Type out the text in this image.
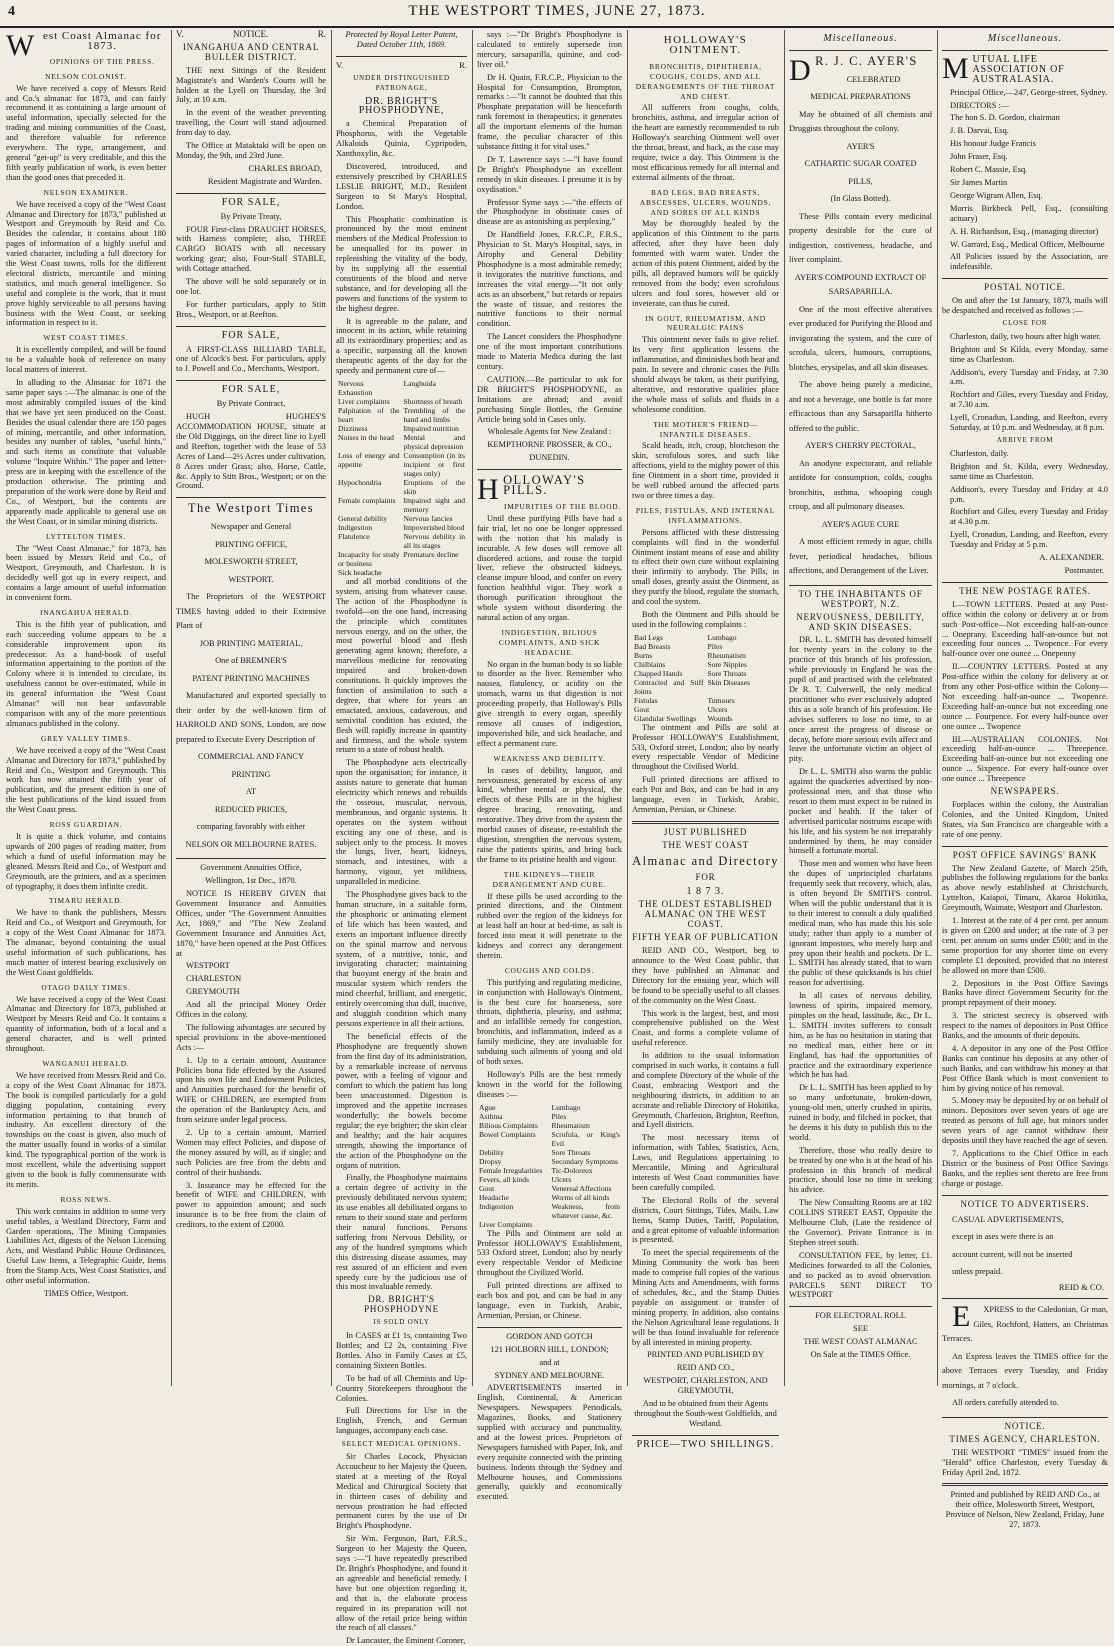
4	THE WESTPORT TIMES, JUNE 27, 1873.
West Coast Almanac for 1873.
OPINIONS OF THE PRESS.
NELSON COLONIST.

We have received a copy of Messrs Reid and Co.'s almanac for 1873, and can fairly recommend it as containing a large amount of useful information, specially selected for the trading and mining communities of the Coast, and therefore valuable for reference everywhere. The type, arrangement, and general "get-up" is very creditable, and this the fifth yearly publication of work, is even better than the good ones that preceded it.

NELSON EXAMINER.

We have received a copy of the "West Coast Almanac and Directory for 1873," published at Westport and Greymouth by Reid and Co. Besides the calendar, it contains about 180 pages of information of a highly useful and varied character, including a full directory for the West Coast towns, rolls for the different electoral districts, mercantile and mining statistics, and much general intelligence. So useful and complete is the work, that it must prove highly serviceable to all persons having business with the West Coast, or seeking information in respect to it.

WEST COAST TIMES.

It is excellently compiled, and will be found to be a valuable book of reference on many local matters of interest.

In alluding to the Almanac for 1871 the same paper says :—The almanac is one of the most admirably compiled issues of the kind that we have yet seen produced on the Coast. Besides the usual calendar there are 150 pages of mining, mercantile, and other information, besides any number of tables, "useful hints," and such items as constitute that valuable volume "Inquire Within." The paper and letter-press are in keeping with the excellence of the production otherwise. The printing and preparation of the work were done by Reid and Co., of Westport, but the contents are apparently made applicable to general use on the West Coast, or in similar mining districts.

LYTTELTON TIMES.

The "West Coast Almanac," for 1873, has been issued by Messrs Reid and Co., of Westport, Greymouth, and Charleston. It is decidedly well got up in every respect, and contains a large amount of useful information in convenient form.

INANGAHUA HERALD.

This is the fifth year of publication, and each succeeding volume appears to be a considerable improvement upon its predecessor. As a hand-book of useful information appertaining to the portion of the Colony where it is intended to circulate, its usefulness cannot be over-estimated, while in its general information the "West Coast Almanac" will not bear unfavorable comparison with any of the more pretentious almanacs published in the colony.

GREY VALLEY TIMES.

We have received a copy of the "West Coast Almanac and Directory for 1873," published by Reid and Co., Westport and Greymouth. This work has now attained the fifth year of publication, and the present edition is one of the best publications of the kind issued from the West Coast press.

ROSS GUARDIAN.

It is quite a thick volume, and contains upwards of 200 pages of reading matter, from which a fund of useful information may be gleaned. Messrs Reid and Co., of Westport and Greymouth, are the printers, and as a specimen of typography, it does them infinite credit.

TIMARU HERALD.

We have to thank the publishers, Messrs Reid and Co., of Westport and Greymouth, for a copy of the West Coast Almanac for 1873. The almanac, beyond containing the usual useful information of such publications, has much matter of interest bearing exclusively on the West Coast goldfields.

OTAGO DAILY TIMES.

We have received a copy of the West Coast Almanac and Directory for 1873, published at Westport by Messrs Reid and Co. It contains a quantity of information, both of a local and a general character, and is well printed throughout.

WANGANUI HERALD.

We have received from Messrs Reid and Co. a copy of the West Coast Almanac for 1873. The book is compiled particularly for a gold digging population, containing every information pertaining to that branch of industry. An excellent directory of the townships on the coast is given, also much of the matter usually found in works of a similar kind. The typographical portion of the work is most excellent, while the advertising support given to the book is fully commensurate with its merits.

ROSS NEWS.

This work contains in addition to some very useful tables, a Westland Directory, Farm and Garden operations, The Mining Companies Liabilities Act, digests of the Nelson Licensing Acts, and Westland Public House Ordinances, Useful Law Items, a Telegraphic Guide, Items from the Stamp Acts, West Coast Statistics, and other useful information.

TIMES Office, Westport.

V.	NOTICE.	R.
INANGAHUA AND CENTRAL BULLER DISTRICT.

THE next Sittings of the Resident Magistrate's and Warden's Courts will be holden at the Lyell on Thursday, the 3rd July, at 10 a.m.

In the event of the weather preventing travelling, the Court will stand adjourned from day to day.

The Office at Mataktaki will be open on Monday, the 9th, and 23rd June.

CHARLES BROAD,
Resident Magistrate and Warden.
FOR SALE,

By Private Treaty,

FOUR First-class DRAUGHT HORSES, with Harness complete; also, THREE CARGO BOATS with all necessary working gear; also, Four-Stall STABLE, with Cottage attached.

The above will be sold separately or in one lot.

For further particulars, apply to Stitt Bros., Westport, or at Reefton.

FOR SALE,

A FIRST-CLASS BILLIARD TABLE, one of Alcock's best. For particulars, apply to J. Powell and Co., Merchants, Westport.

FOR SALE,

By Private Contract,

HUGH HUGHES'S ACCOMMODATION HOUSE, situate at the Old Diggings, on the direct line to Lyell and Reefton, together with the lease of 53 Acres of Land—2½ Acres under cultivation, 8 Acres under Grass; also, Horse, Cattle, &c. Apply to Stitt Bros., Westport; or on the Ground.

The Westport Times

Newspaper and General

PRINTING OFFICE,

MOLESWORTH STREET,

WESTPORT.

The Proprietors of the WESTPORT TIMES having added to their Extensive Plant of

JOB PRINTING MATERIAL,

One of BREMNER'S

PATENT PRINTING MACHINES

Manufactured and exported specially to their order by the well-known firm of HARROLD AND SONS, London, are now prepared to Execute Every Description of

COMMERCIAL AND FANCY

PRINTING

AT

REDUCED PRICES,

comparing favorably with either

NELSON OR MELBOURNE RATES.

Government Annuities Office,

Wellington, 1st Dec., 1870.

NOTICE IS HEREBY GIVEN that Government Insurance and Annuities Offices, under "The Government Annuities Act, 1869," and "The New Zealand Government Insurance and Annuities Act, 1870," have been opened at the Post Offices at

WESTPORT

CHARLESTON

GREYMOUTH

And all the principal Money Order Offices in the colony.

The following advantages are secured by special provisions in the above-mentioned Acts :—

1. Up to a certain amount, Assurance Policies bona fide effected by the Assured upon his own life and Endowment Policies, and Annuities purchased for the benefit of WIFE or CHILDREN, are exempted from the operation of the Bankruptcy Acts, and from seizure under legal process.

2. Up to a certain amount, Married Women may effect Policies, and dispose of the money assured by will, as if single; and such Policies are free from the debts and control of their husbands.

3. Insurance may be effected for the benefit of WIFE and CHILDREN, with power to appointion amount; and such insurance is to be free from the claim of creditors, to the extent of £2000.

Protected by Royal Letter Patent, Dated October 11th, 1869.

V.	R.
UNDER DISTINGUISHED PATRONAGE,
DR. BRIGHT'S PHOSPHODYNE,

a Chemical Preparation of Phosphorus, with the Vegetable Alkaloids Quinia, Cypripoden, Xanthoxylin, &c.

Discovered, introduced, and extensively prescribed by CHARLES LESLIE BRIGHT, M.D., Resident Surgeon to St Mary's Hospital, London.

This Phosphatic combination is pronounced by the most eminent members of the Medical Profession to be unequalled for its power in replenishing the vitality of the body, by its supplying all the essential constituents of the blood and nerve substance, and for developing all the powers and functions of the system to the highest degree.

It is agreeable to the palate, and innocent in its action, while retaining all its extraordinary properties; and as a specific, surpassing all the known therapeutic agents of the day for the speedy and permanent cure of—

Nervous Exhaustion	Langhuida
Liver complaints	Shortness of breath
Palpitation of the heart	Trembling of the hand and limbs
Dizziness	Impaired nutrition
Noises in the head	Mental and physical depression
Loss of energy and appetite	Consumption (in its incipient or first stages only)
Hypochondria	Eruptions of the skin
Female complaints	Impaired sight and memory
General debility	Nervous fancies
Indigestion	Impoverished blood
Flatulence	Nervous debility in all its stages
Incapacity for study or business	Premature decline
Sick headache	

and all morbid conditions of the system, arising from whatever cause. The action of the Phosphodyne is twofold—on the one hand, increasing the principle which constitutes nervous energy, and on the other, the most powerful blood and flesh generating agent known; therefore, a marvellous medicine for renovating impaired and broken-down constitutions. It quickly improves the function of assimilation to such a degree, that where for years an emaciated, anxious, cadaverous, and semivital condition has existed, the flesh will rapidly increase in quantity and firmness, and the whole system return to a state of robust health.

The Phosphodyne acts electrically upon the organisation; for instance, it assists nature to generate that human electricity which renews and rebuilds the osseous, muscular, nervous, membranous, and organic systems. It operates on the system without exciting any one of these, and is subject only to the process. It moves the lungs, liver, heart, kidneys, stomach, and intestines, with a harmony, vigour, yet mildness, unparalleled in medicine.

The Phosphodyne gives back to the human structure, in a suitable form, the phosphoric or animating element of life which has been wasted, and exerts an important influence directly on the spinal marrow and nervous system, of a nutritive, tonic, and invigorating character; maintaining that buoyant energy of the brain and muscular system which renders the mind cheerful, brilliant, and energetic, entirely overcoming that dull, inactive, and sluggish condition which many persons experience in all their actions.

The beneficial effects of the Phosphodyne are frequently shown from the first day of its administration, by a remarkable increase of nervous power, with a feeling of vigour and comfort to which the patient has long been unaccustomed. Digestion is improved and the appetite increases wonderfully; the bowels become regular; the eye brighter; the skin clear and healthy; and the hair acquires strength, showing the importance of the action of the Phosphodyne on the organs of nutrition.

Finally, the Phosphodyne maintains a certain degree of activity in the previously debilitated nervous system; its use enables all debilitated organs to return to their sound state and perform their natural functions. Persons suffering from Nervous Debility, or any of the hundred symptoms which this distressing disease assumes, may rest assured of an efficient and even speedy cure by the judicious use of this most invaluable remedy.

DR. BRIGHT'S PHOSPHODYNE
IS SOLD ONLY

In CASES at £1 1s, containing Two Bottles; and £2 2s, containing Five Bottles. Also in Family Cases at £5, containing Sixteen Bottles.

To be had of all Chemists and Up-Country Storekeepers throughout the Colonies.

Full Directions for Use in the English, French, and German languages, accompany each case.

SELECT MEDICAL OPINIONS.

Sir Charles Locock, Physician Accoucheur to her Majesty the Queen, stated at a meeting of the Royal Medical and Chirurgical Society that in thirteen cases of debility and nervous prostration he had effected permanent cures by the use of Dr Bright's Phosphodyne.

Sir Wm. Ferguson, Bart, F.R.S., Surgeon to her Majesty the Queen, says :—"I have repeatedly prescribed Dr. Bright's Phosphodyne, and found it an agreeable and beneficial remedy. I have but one objection regarding it, and that is, the elaborate process required in its preparation will not allow of the retail price being within the reach of all classes."

Dr Lancaster, the Eminent Coroner,

says :—"Dr Bright's Phosphodyne is calculated to entirely supersede iron mercury, sarsaparilla, quinine, and cod-liver oil."

Dr H. Quain, F.R.C.P., Physician to the Hospital for Consumption, Brompton, remarks :—"It cannot be doubted that this Phosphate preparation will be henceforth rank foremost in therapeutics; it generates all the important elements of the human frame, the peculiar character of this substance fitting it for vital uses."

Dr T. Lawrence says :—"I have found Dr Bright's Phosphodyne an excellent remedy in skin diseases. I presume it is by oxydisation."

Professor Syme says :—"the effects of the Phosphodyne in obstinate cases of disease are as astonishing as perplexing."

Dr Handfield Jones, F.R.C.P., F.R.S., Physician to St. Mary's Hospital, says, in Atrophy and General Debility Phosphodyne is a most admirable remedy; it invigorates the nutritive functions, and increases the vital energy—"It not only acts as an absorbent," but retards or repairs the waste of tissue, and restores the nutritive functions to their normal condition.

The Lancet considers the Phosphodyne one of the most important contributions made to Materia Medica during the last century.

CAUTION.—Be particular to ask for DR BRIGHT'S PHOSPHODYNE, as Imitations are abroad; and avoid purchasing Single Bottles, the Genuine Article being sold in Cases only.

Wholesale Agents for New Zealand :

KEMPTHORNE PROSSER, & CO.,

DUNEDIN.

HOLLOWAY'S PILLS.
IMPURITIES OF THE BLOOD.

Until these purifying Pills have had a fair trial, let no one be longer oppressed with the notion that his malady is incurable. A few doses will remove all disordered actions, and rouse the torpid liver, relieve the obstructed kidneys, cleanse impure blood, and confer on every function healthful vigor. They work a thorough purification throughout the whole system without disordering the natural action of any organ.

INDIGESTION, BILIOUS COMPLAINTS, AND SICK HEADACHE.

No organ in the human body is so liable to disorder as the liver. Remember who nausea, flatulency, or acidity on the stomach, warns us that digestion is not proceeding properly, that Holloway's Pills give strength to every organ, speedily remove all causes of indigestion, impoverished bile, and sick headache, and effect a permanent cure.

WEAKNESS AND DEBILITY.

In cases of debility, languor, and nervousness, generated by excess of any kind, whether mental or physical, the effects of these Pills are in the highest degree bracing, renovating, and restorative. They drive from the system the morbid causes of disease, re-establish the digestion, strengthen the nervous system, raise the patients spirits, and bring back the frame to its pristine health and vigour.

THE KIDNEYS—THEIR DERANGEMENT AND CURE.

If these pills be used according to the printed directions, and the Ointment rubbed over the region of the kidneys for at least half an hour at bed-time, as salt is forced into meat it will penetrate to the kidneys and correct any derangement therein.

COUGHS AND COLDS.

This purifying and regulating medicine, in conjunction with Holloway's Ointment, is the best cure for hoarseness, sore throats, diphtheria, pleurisy, and asthma; and an infallible remedy for congestion, bronchitis, and inflammation, indeed as a family medicine, they are invaluable for subduing such ailments of young and old of both sexes.

Holloway's Pills are the best remedy known in the world for the following diseases :—

Ague	Lumbago
Asthma	Piles
Bilious Complaints	Rheumatism
Bowel Complaints	Scrofula, or King's Evil
Debility	Sore Throats
Dropsy	Secondary Symptoms
Female Irregularities	Tic-Doloreux
Fevers, all kinds	Ulcers
Gout	Venereal Affections
Headache	Worms of all kinds
Indigestion	Weakness, from whatever cause, &c.
Liver Complaints	

The Pills and Ointment are sold at Professor HOLLOWAY'S Establishment, 533 Oxford street, London; also by nearly every respectable Vendor of Medicine throughout the Civilized World.

Full printed directions are affixed to each box and pot, and can be had in any language, even in Turkish, Arabic, Armenian, Persian, or Chinese.

GORDON AND GOTCH

121 HOLBORN HILL, LONDON;

and at

SYDNEY AND MELBOURNE.

ADVERTISEMENTS inserted in English, Continental, & American Newspapers. Newspapers Periodicals, Magazines, Books, and Stationery supplied with accuracy and punctuality, and at the lowest prices. Proprietors of Newspapers furnished with Paper, Ink, and every requisite connected with the printing business. Indents through the Sydney and Melbourne houses, and Commissions generally, quickly and economically executed.

HOLLOWAY'S OINTMENT.
BRONCHITIS, DIPHTHERIA, COUGHS, COLDS, AND ALL DERANGEMENTS OF THE THROAT AND CHEST.

All sufferers from coughs, colds, bronchitis, asthma, and irregular action of the heart are earnestly recommended to rub Holloway's searching Ointment well over the throat, breast, and back, as the case may require, twice a day. This Ointment is the most efficacious remedy for all internal and external ailments of the throat.

BAD LEGS, BAD BREASTS, ABSCESSES, ULCERS, WOUNDS, AND SORES OF ALL KINDS

May be thoroughly healed by the application of this Ointment to the parts affected, after they have been duly fomented with warm water. Under the action of this potent Ointment, aided by the pills, all depraved humors will be quickly removed from the body; even scrofulous ulcers and foul sores, however old or inveterate, can thus be cured.

IN GOUT, RHEUMATISM, AND NEURALGIC PAINS

This ointment never fails to give relief. Its very first application lessens the inflammation, and diminishes both heat and pain. In severe and chronic cases the Pills should always be taken, as their purifying, alterative, and restorative qualities place the whole mass of solids and fluids in a wholesome condition.

THE MOTHER'S FRIEND—INFANTILE DISEASES.

Scald heads, itch, croup, blotcheson the skin, scrofulous sores, and such like affections, yield to the mighty power of this fine Ointment in a short time, provided it be well rubbed around the affected parts two or three times a day.

PILES, FISTULAS, AND INTERNAL INFLAMMATIONS.

Persons afflicted with these distressing complaints will find in the wonderful Ointment instant means of ease and ability to effect their own cure without explaining their infirmity to anybody. The Pills, in small doses, greatly assist the Ointment, as they purify the blood, regulate the stomach, and cool the system.

Both the Ointment and Pills should be used in the following complaints :

Bad Legs	Lumbago
Bad Breasts	Piles
Burns	Rheumatism
Chilblains	Sore Nipples
Chapped Hands	Sore Throats
Contracted and Stiff Joints	Skin Diseases
Fistulas	Tumours
Gout	Ulcers
Glandular Swellings	Wounds

The ointment and Pills are sold at Professor HOLLOWAY'S Establishment, 533, Oxford street, London; also by nearly every respectable Vendor of Medicine throughout the Civilised World.

Full printed directions are affixed to each Pot and Box, and can be had in any language, even in Turkish, Arabic, Armenian, Persian, or Chinese.

JUST PUBLISHED
THE WEST COAST
Almanac and Directory
FOR
1 8 7 3.
THE OLDEST ESTABLISHED ALMANAC ON THE WEST COAST.
FIFTH YEAR OF PUBLICATION

REID AND CO., Westport, beg to announce to the West Coast public, that they have published an Almanac and Directory for the ensuing year, which will be found to be specially useful to all classes of the community on the West Coast.

This work is the largest, best, and most comprehensive published on the West Coast, and forms a complete volume of useful reference.

In addition to the usual information comprised in such works, it contains a full and complete Directory of the whole of the Coast, embracing Westport and the neighbouring districts, in addition to an accurate and reliable Directory of Hokitika, Greymouth, Charleston, Brighton, Reefton, and Lyell districts.

The most necessary items of information, with Tables, Statistics, Acts, Laws, and Regulations appertaining to Mercantile, Mining and Agricultural interests of West Coast communities have been carefully compiled.

The Electoral Rolls of the several districts, Court Sittings, Tides, Mails, Law Items, Stamp Duties, Tariff, Population, and a great epitome of valuable information is presented.

To meet the special requirements of the Mining Community the work has been made to comprise full copies of the various Mining Acts and Amendments, with forms of schedules, &c., and the Stamp Duties payable on assignment or transfer of mining property. In addition, also contains the Nelson Agricultural lease regulations. It will be thus found invaluable for reference by all interested in mining property.

PRINTED AND PUBLISHED BY

REID AND CO.,

WESTPORT, CHARLESTON, AND GREYMOUTH,

And to be obtained from their Agents throughout the South-west Goldfields, and Westland.

PRICE—TWO SHILLINGS.
Miscellaneous.
DR. J. C. AYER'S

CELEBRATED

MEDICAL PREPARATIONS

May be obtained of all chemists and Druggists throughout the colony.

AYER'S

CATHARTIC SUGAR COATED

PILLS,

(In Glass Botted).

These Pills contain every medicinal property desirable for the cure of indigestion, costiveness, headache, and liver complaint.

AYER'S COMPOUND EXTRACT OF SARSAPARILLA.

One of the most effective alteratives ever produced for Purifying the Blood and invigorating the system, and the cure of scrofula, ulcers, humours, corruptions, blotches, erysipelas, and all skin diseases.

The above being purely a medicine, and not a beverage, one bottle is far more efficacious than any Sarsaparilla hitherto offered to the public.

AYER'S CHERRY PECTORAL,

An anodyne expectorant, and reliable antidote for consumption, colds, coughs bronchitis, asthma, whooping cough croup, and all pulmonary diseases.

AYER'S AGUE CURE

A most efficient remedy in ague, chills fever, periodical headaches, bilious affections, and Derangement of the Liver.

TO THE INHABITANTS OF WESTPORT, N.Z.
NERVOUSNESS, DEBILITY, AND SKIN DISEASES.

DR. L. L. SMITH has devoted himself for twenty years in the colony to the practice of this branch of his profession, while previously in England he was the pupil of and practised with the celebrated Dr R. T. Culverwell, the only medical practitioner who ever exclusively adopted this as a sole branch of his profession. He advises sufferers to lose no time, to at once arrest the progress of disease or decay, before more serious evils affect and leave the unfortunate victim an object of pity.

Dr L. L. SMITH also warns the public against the quackeries advertised by non-professional men, and that those who resort to them must expect to be ruined in pocket and health. If the taker of advertised particular nostrums escape with his life, and his system be not irreparably undermined by them, he may consider himself a fortunate mortal.

Those men and women who have been the dupes of unprincipled charlatans frequently seek that recovery, which, alas, is often beyond Dr SMITH'S control. When will the public understand that it is to their interest to consult a duly qualified medical man, who has made this his sole study; rather than apply to a number of ignorant impostors, who merely harp and prey upon their health and pockets. Dr L. L. SMITH has already stated, that to warn the public of these quicksands is his chief reason for advertising.

In all cases of nervous debility, lowness of spirits, impaired memory, pimples on the head, lassitude, &c., Dr L. L. SMITH invites sufferers to consult him, as he has no hesitation in stating that no medical man, either here or in England, has had the opportunities of practice and the extraordinary experience which he has had.

Dr L. L. SMITH has been applied to by so many unfortunate, broken-down, young-old men, utterly crushed in spirits, ruined in body, and filched in pocket, that he deems it his duty to publish this to the world.

Therefore, those who really desire to be treated by one who is at the head of his profession in this branch of medical practice, should lose no time in seeking his advice.

The New Consulting Rooms are at 182 COLLINS STREET EAST, Opposite the Melbourne Club, (Late the residence of the Governor). Private Entrance is in Stephen street south.

CONSULTATION FEE, by letter, £1. Medicines forwarded to all the Colonies, and so packed as to avoid observation. PARCELS SENT DIRECT TO WESTPORT

FOR ELECTORAL ROLL

SEE

THE WEST COAST ALMANAC

On Sale at the TIMES Office.

Miscellaneous.
MUTUAL LIFE ASSOCIATION OF AUSTRALASIA.

Principal Office,—247, George-street, Sydney.

DIRECTORS :—

The hon S. D. Gordon, chairman

J. B. Darvai, Esq.

His honour Judge Francis

John Fraser, Esq.

Robert C. Massie, Esq.

Sir James Martin

George Wigram Allen, Esq.

Morris Birkbeck Pell, Esq., (consulting actuary)

A. H. Richardson, Esq., (managing director)

W. Garrard, Esq., Medical Officer, Melbourne

All Policies issued by the Association, are indefeasible.

POSTAL NOTICE.

On and after the 1st January, 1873, mails will be despatched and received as follows :—

CLOSE FOR

Charleston, daily, two hours after high water.

Brighton and St Kilda, every Monday, same time as Charleston.

Addison's, every Tuesday and Friday, at 7.30 a.m.

Rochfort and Giles, every Tuesday and Friday, at 7.30 a.m.

Lyell, Cronadun, Landing, and Reefton, every Saturday, at 10 p.m. and Wednesday, at 8 p.m.

ARRIVE FROM

Charleston, daily.

Brighton and St. Kilda, every Wednesday, same time as Charleston.

Addison's, every Tuesday and Friday at 4.0 p.m.

Rochfort and Giles, every Tuesday and Friday at 4.30 p.m.

Lyell, Cronadun, Landing, and Reefton, every Tuesday and Friday at 5 p.m.

A. ALEXANDER.
Postmaster.
THE NEW POSTAGE RATES.

I.—TOWN LETTERS. Posted at any Post-office within the colony or delivery at or from such Post-office—Not exceeding half-an-ounce ... Oneprany. Exceeding half-an-ounce but not exceeding four ounces ... Twopence. For every half-ounce over one ounce ... Onepenny

II.—COUNTRY LETTERS. Posted at any Post-office within the colony for delivery at or from any other Post-office within the Colony—Not exceeding half-an-ounce ... Twopence. Exceeding half-an-ounce but not exceeding one ounce ... Fourpence. For every half-ounce over one ounce ... Twopence

III.—AUSTRALIAN COLONIES. Not exceeding half-an-ounce ... Threepence. Exceeding half-an-ounce but not exceeding one ounce ... Sixpence. For every half-ounce over one ounce ... Threepence

NEWSPAPERS.

Forplaces within the colony, the Australian Colonies, and the United Kingdom, United States, via San Francisco are chargeable with a rate of one penny.

POST OFFICE SAVINGS' BANK

The New Zealand Gazette, of March 25th, publishes the following regulations for the banks as above newly established at Christchurch, Lyttelton, Kaiapoi, Timaru, Akaroa Hokitika, Greymouth, Waimate, Westport and Charleston.

1. Interest at the rate of 4 per cent. per annum is given on £200 and under; at the rate of 3 per cent. per annum on sums under £500; and in the same proportion for any shorter time on every complete £1 deposited, provided that no interest be allowed on more than £500.

2. Depositors in the Post Office Savings Banks have direct Government Security for the prompt repayment of their money.

3. The strictest secrecy is observed with respect to the names of depositors in Post Office Banks, and the amounts of their deposits.

4. A depositor in any one of the Post Office Banks can continue his deposits at any other of such Banks, and can withdraw his money at that Post Office Bank which is most convenient to him by giving notice of his removal.

5. Money may be deposited by or on behalf of minors. Depositors over seven years of age are treated as persons of full age, but minors under seven years of age cannot withdraw their deposits until they have reached the age of seven.

7. Applications to the Chief Office in each District or the business of Post Office Savings Banks, and the replies sent thereto are free from charge or postage.

NOTICE TO ADVERTISERS.

CASUAL ADVERTISEMENTS,

except in ases were there is an

account current, will not be inserted

unless prepaid.

REID & CO.

EXPRESS to the Caledonian, Gr man, Giles, Rochford, Hatters, an Christmas Terraces.

An Express leaves the TIMES office for the above Terraces every Tuesday, and Friday mornings, at 7 o'clock.

All orders carefully attended to.

NOTICE.
TIMES AGENCY, CHARLESTON.

THE WESTPORT "TIMES" issued from the "Herald" office Charleston, every Tuesday & Friday April 2nd, 1872.

Printed and published by REID AND Co., at their office, Molesworth Street, Westport, Province of Nelson, New Zealand, Friday, June 27, 1873.
